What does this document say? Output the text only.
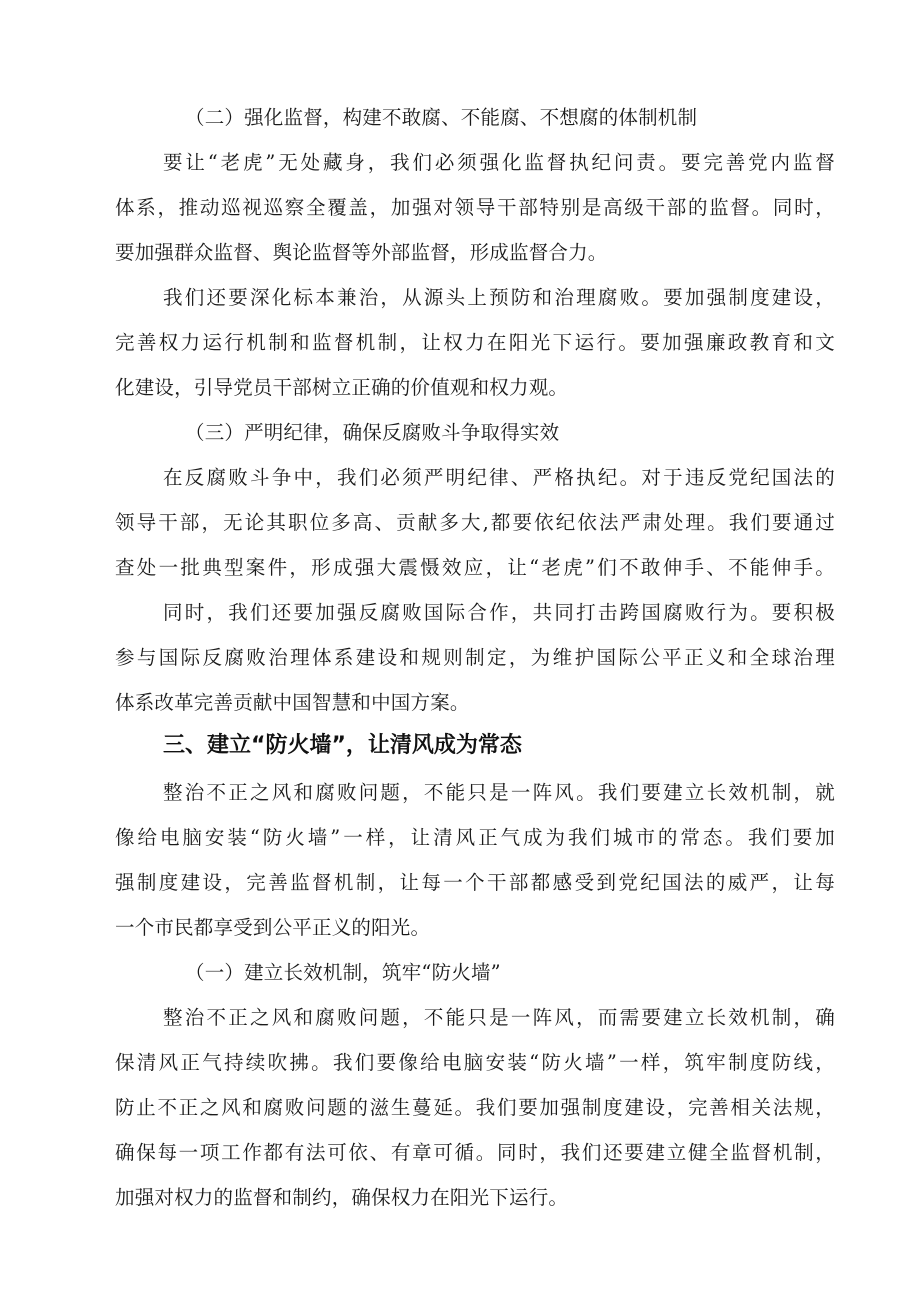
（二）强化监督，构建不敢腐、不能腐、不想腐的体制机制
要让“老虎”无处藏身，我们必须强化监督执纪问责。要完善党内监督
体系，推动巡视巡察全覆盖，加强对领导干部特别是高级干部的监督。同时，
要加强群众监督、舆论监督等外部监督，形成监督合力。
我们还要深化标本兼治，从源头上预防和治理腐败。要加强制度建设，
完善权力运行机制和监督机制，让权力在阳光下运行。要加强廉政教育和文
化建设，引导党员干部树立正确的价值观和权力观。
（三）严明纪律，确保反腐败斗争取得实效
在反腐败斗争中，我们必须严明纪律、严格执纪。对于违反党纪国法的
领导干部，无论其职位多高、贡献多大,都要依纪依法严肃处理。我们要通过
查处一批典型案件，形成强大震慑效应，让“老虎”们不敢伸手、不能伸手。
同时，我们还要加强反腐败国际合作，共同打击跨国腐败行为。要积极
参与国际反腐败治理体系建设和规则制定，为维护国际公平正义和全球治理
体系改革完善贡献中国智慧和中国方案。
三、建立“防火墙”，让清风成为常态
整治不正之风和腐败问题，不能只是一阵风。我们要建立长效机制，就
像给电脑安装“防火墙”一样，让清风正气成为我们城市的常态。我们要加
强制度建设，完善监督机制，让每一个干部都感受到党纪国法的威严，让每
一个市民都享受到公平正义的阳光。
（一）建立长效机制，筑牢“防火墙”
整治不正之风和腐败问题，不能只是一阵风，而需要建立长效机制，确
保清风正气持续吹拂。我们要像给电脑安装“防火墙”一样，筑牢制度防线，
防止不正之风和腐败问题的滋生蔓延。我们要加强制度建设，完善相关法规，
确保每一项工作都有法可依、有章可循。同时，我们还要建立健全监督机制，
加强对权力的监督和制约，确保权力在阳光下运行。
